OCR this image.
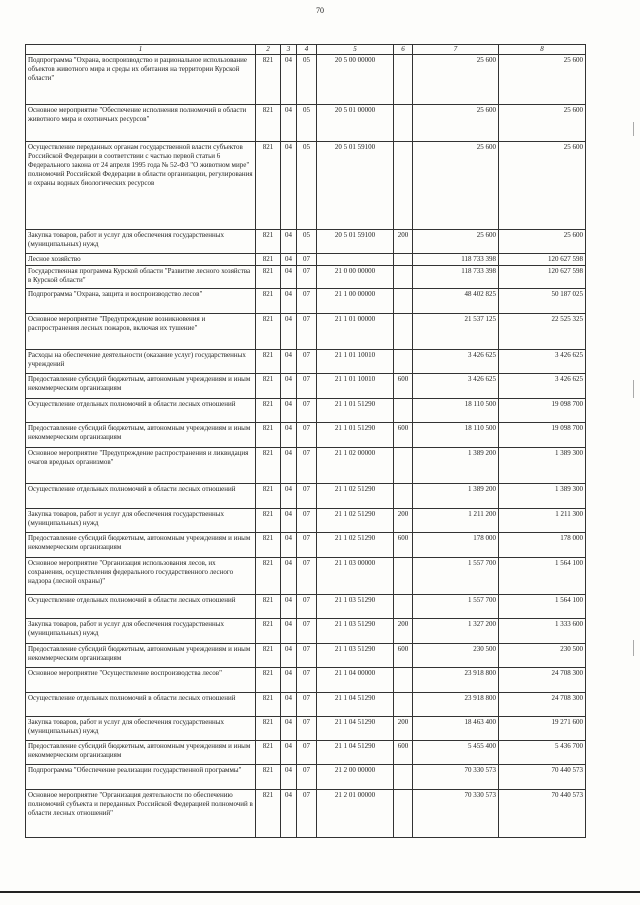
70
1	2	3	4	5	6	7	8
Подпрограмма "Охрана, воспроизводство и рациональное использование объектов животного мира и среды их обитания на территории Курской области"	821	04	05	20 5 00 00000		25 600	25 600
Основное мероприятие "Обеспечение исполнения полномочий в области животного мира и охотничьих ресурсов"	821	04	05	20 5 01 00000		25 600	25 600
Осуществление переданных органам государственной власти субъектов Российской Федерации в соответствии с частью первой статьи 6 Федерального закона от 24 апреля 1995 года № 52-ФЗ "О животном мире" полномочий Российской Федерации в области организации, регулирования и охраны водных биологических ресурсов	821	04	05	20 5 01 59100		25 600	25 600
Закупка товаров, работ и услуг для обеспечения государственных (муниципальных) нужд	821	04	05	20 5 01 59100	200	25 600	25 600
Лесное хозяйство	821	04	07			118 733 398	120 627 598
Государственная программа Курской области "Развитие лесного хозяйства в Курской области"	821	04	07	21 0 00 00000		118 733 398	120 627 598
Подпрограмма "Охрана, защита и воспроизводство лесов"	821	04	07	21 1 00 00000		48 402 825	50 187 025
Основное мероприятие "Предупреждение возникновения и распространения лесных пожаров, включая их тушение"	821	04	07	21 1 01 00000		21 537 125	22 525 325
Расходы на обеспечение деятельности (оказание услуг) государственных учреждений	821	04	07	21 1 01 10010		3 426 625	3 426 625
Предоставление субсидий бюджетным, автономным учреждениям и иным некоммерческим организациям	821	04	07	21 1 01 10010	600	3 426 625	3 426 625
Осуществление отдельных полномочий в области лесных отношений	821	04	07	21 1 01 51290		18 110 500	19 098 700
Предоставление субсидий бюджетным, автономным учреждениям и иным некоммерческим организациям	821	04	07	21 1 01 51290	600	18 110 500	19 098 700
Основное мероприятие "Предупреждение распространения и ликвидация очагов вредных организмов"	821	04	07	21 1 02 00000		1 389 200	1 389 300
Осуществление отдельных полномочий в области лесных отношений	821	04	07	21 1 02 51290		1 389 200	1 389 300
Закупка товаров, работ и услуг для обеспечения государственных (муниципальных) нужд	821	04	07	21 1 02 51290	200	1 211 200	1 211 300
Предоставление субсидий бюджетным, автономным учреждениям и иным некоммерческим организациям	821	04	07	21 1 02 51290	600	178 000	178 000
Основное мероприятие "Организация использования лесов, их сохранения, осуществления федерального государственного лесного надзора (лесной охраны)"	821	04	07	21 1 03 00000		1 557 700	1 564 100
Осуществление отдельных полномочий в области лесных отношений	821	04	07	21 1 03 51290		1 557 700	1 564 100
Закупка товаров, работ и услуг для обеспечения государственных (муниципальных) нужд	821	04	07	21 1 03 51290	200	1 327 200	1 333 600
Предоставление субсидий бюджетным, автономным учреждениям и иным некоммерческим организациям	821	04	07	21 1 03 51290	600	230 500	230 500
Основное мероприятие "Осуществление воспроизводства лесов"	821	04	07	21 1 04 00000		23 918 800	24 708 300
Осуществление отдельных полномочий в области лесных отношений	821	04	07	21 1 04 51290		23 918 800	24 708 300
Закупка товаров, работ и услуг для обеспечения государственных (муниципальных) нужд	821	04	07	21 1 04 51290	200	18 463 400	19 271 600
Предоставление субсидий бюджетным, автономным учреждениям и иным некоммерческим организациям	821	04	07	21 1 04 51290	600	5 455 400	5 436 700
Подпрограмма "Обеспечение реализации государственной программы"	821	04	07	21 2 00 00000		70 330 573	70 440 573
Основное мероприятие "Организация деятельности по обеспечению полномочий субъекта и переданных Российской Федерацией полномочий в области лесных отношений"	821	04	07	21 2 01 00000		70 330 573	70 440 573
